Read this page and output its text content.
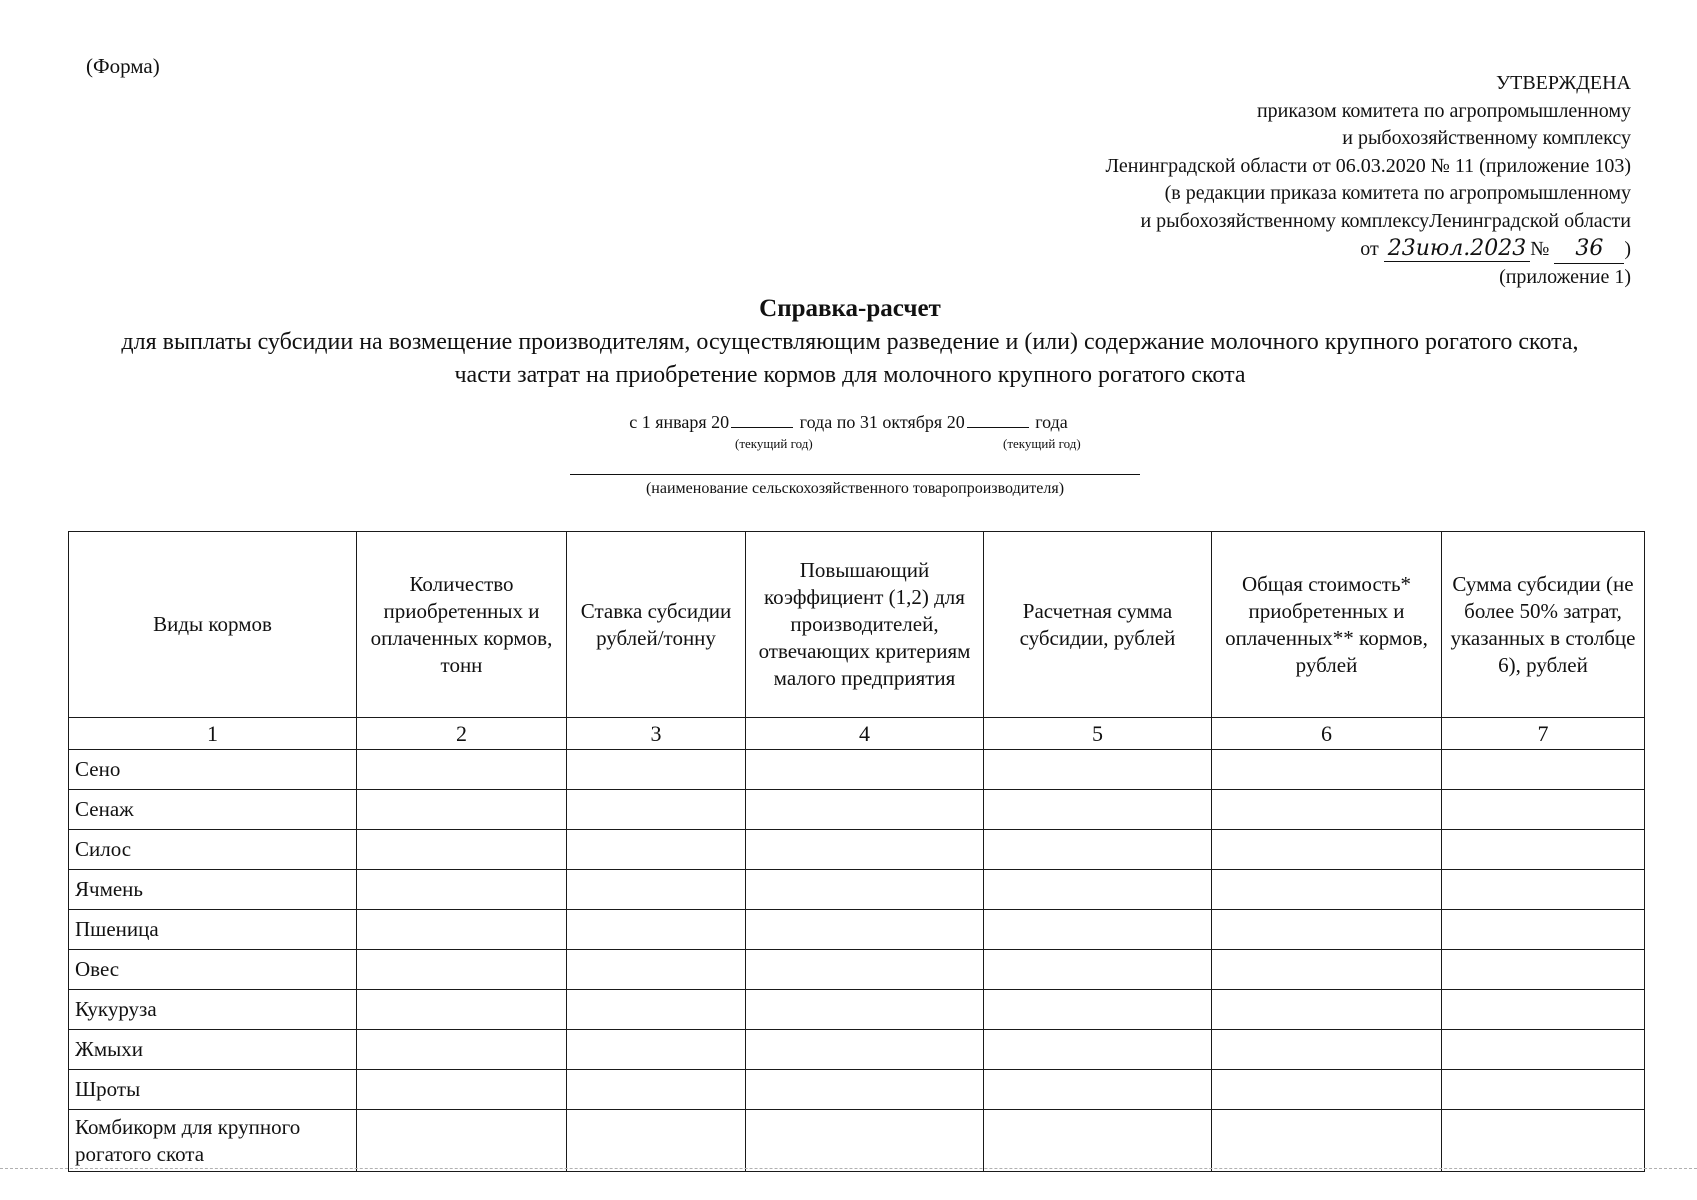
(Форма)
УТВЕРЖДЕНА
приказом комитета по агропромышленному
и рыбохозяйственному комплексу
Ленинградской области от 06.03.2020 № 11 (приложение 103)
(в редакции приказа комитета по агропромышленному
и рыбохозяйственному комплексуЛенинградской области
от 23июл.2023 № 36 )
(приложение 1)
Справка-расчет
для выплаты субсидии на возмещение производителям, осуществляющим разведение и (или) содержание молочного крупного рогатого скота, части затрат на приобретение кормов для молочного крупного рогатого скота
с 1 января 20	года по 31 октября 20	года
(текущий год)	(текущий год)
(наименование сельскохозяйственного товаропроизводителя)
Виды кормов	Количество приобретенных и оплаченных кормов, тонн	Ставка субсидии рублей/тонну	Повышающий коэффициент (1,2) для производителей, отвечающих критериям малого предприятия	Расчетная сумма субсидии, рублей	Общая стоимость* приобретенных и оплаченных** кормов, рублей	Сумма субсидии (не более 50% затрат, указанных в столбце 6), рублей
1	2	3	4	5	6	7
Сено						
Сенаж						
Силос						
Ячмень						
Пшеница						
Овес						
Кукуруза						
Жмыхи						
Шроты						
Комбикорм для крупного рогатого скота						
